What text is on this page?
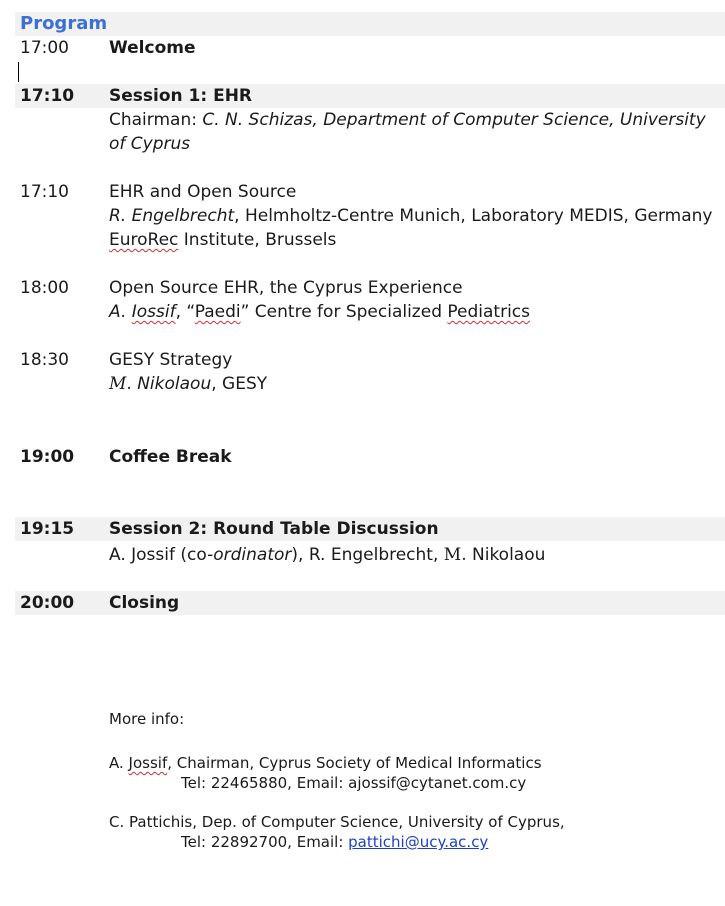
Program
17:00 Welcome
17:10 Session 1: EHR
Chairman: C. N. Schizas, Department of Computer Science, University
of Cyprus
17:10 EHR and Open Source
R. Engelbrecht, Helmholtz-Centre Munich, Laboratory MEDIS, Germany
EuroRec Institute, Brussels
18:00 Open Source EHR, the Cyprus Experience
A. Iossif, “Paedi” Centre for Specialized Pediatrics
18:30 GESY Strategy
M. Nikolaou, GESY
19:00 Coffee Break
19:15 Session 2: Round Table Discussion
A. Jossif (co-ordinator), R. Engelbrecht, M. Nikolaou
20:00 Closing
More info:
A. Jossif, Chairman, Cyprus Society of Medical Informatics
Tel: 22465880, Email: ajossif@cytanet.com.cy
C. Pattichis, Dep. of Computer Science, University of Cyprus,
Tel: 22892700, Email: pattichi@ucy.ac.cy
